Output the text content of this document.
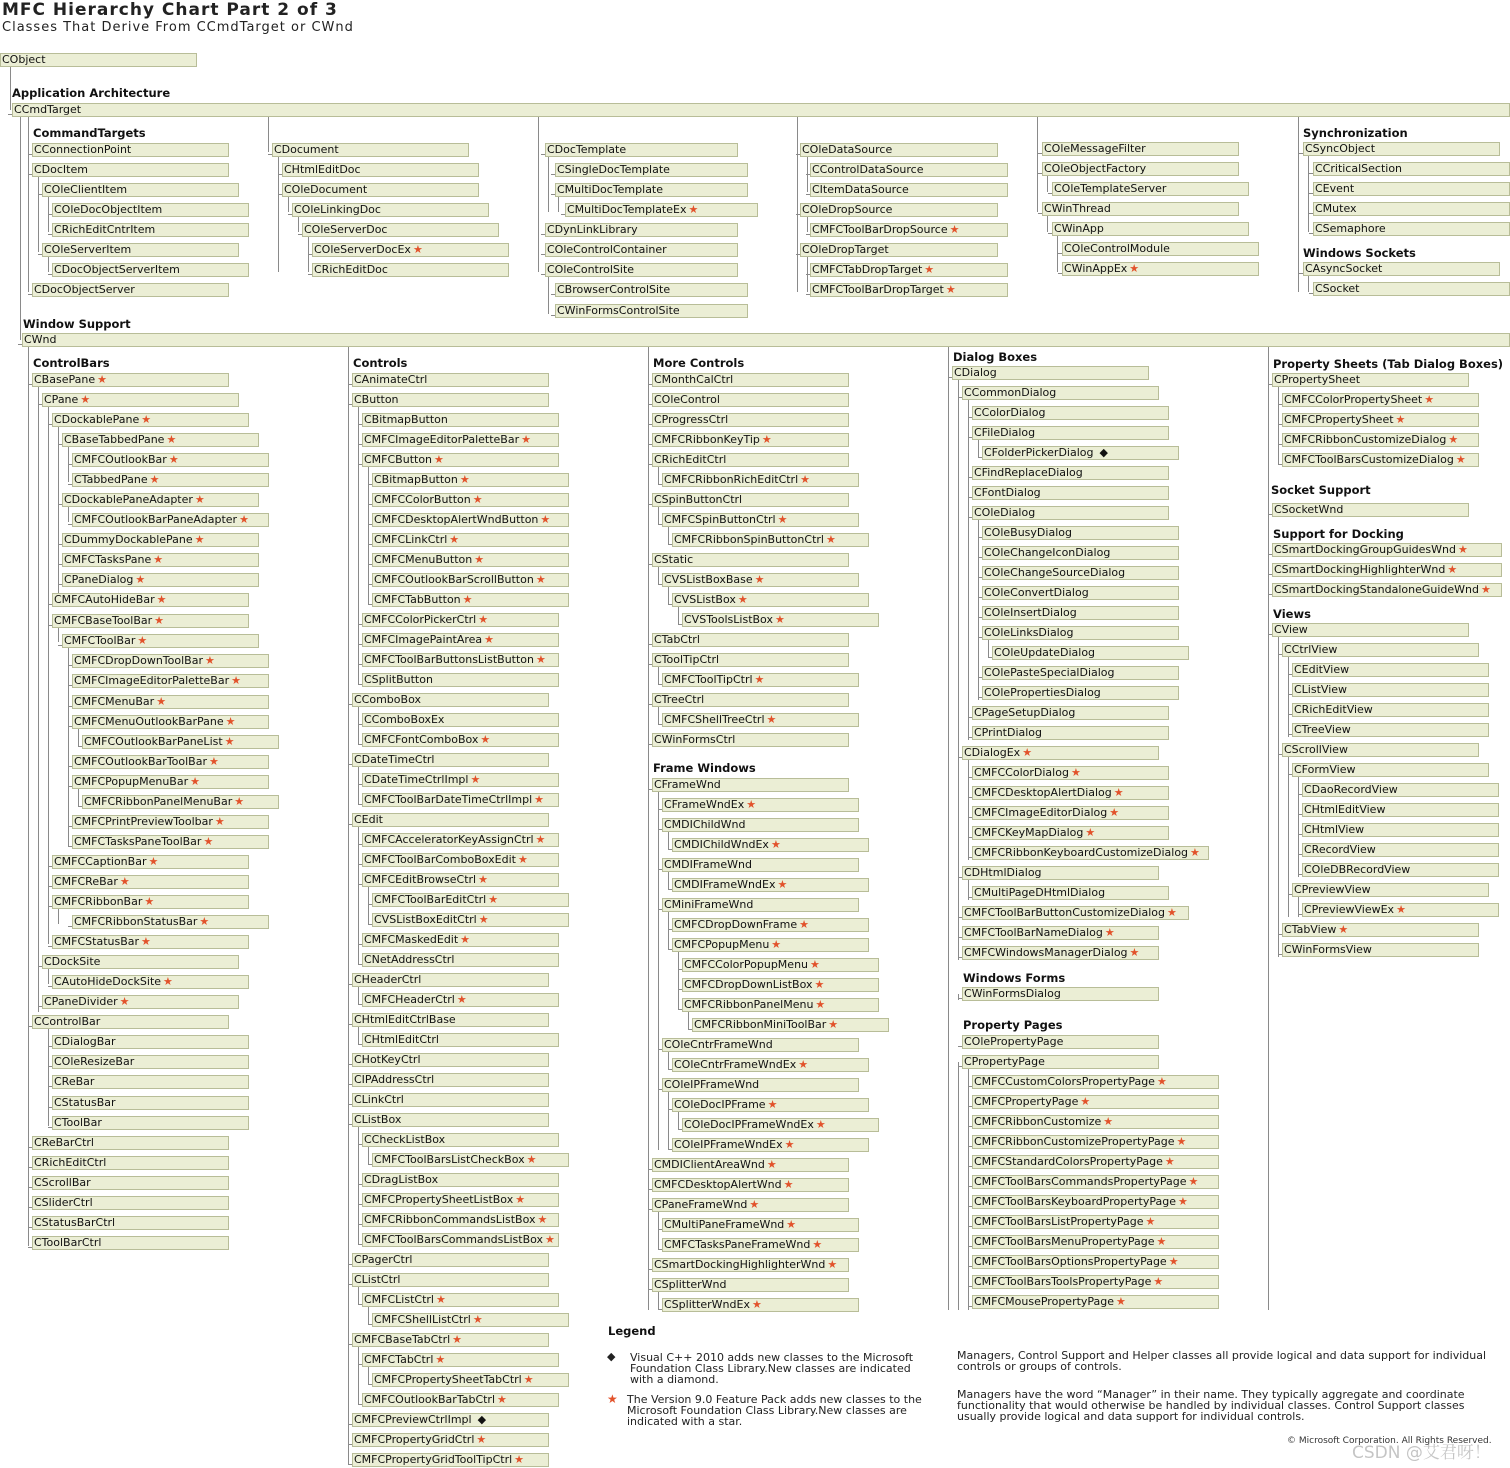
Application Architecture
CommandTargets	Synchronization
Windows Sockets
Window Support
ControlBars	Controls	More Controls	Dialog Boxes	Property Sheets (Tab Dialog Boxes)
Socket Support
Support for Docking
Views
Frame Windows
Windows Forms
Property Pages
CObject
CCmdTarget
CWnd
CConnectionPoint
CDocItem
COleClientItem
COleDocObjectItem
CRichEditCntrItem
COleServerItem
CDocObjectServerItem
CDocObjectServer
CDocument
CHtmlEditDoc
COleDocument
COleLinkingDoc
COleServerDoc
COleServerDocEx ★
CRichEditDoc
CDocTemplate
CSingleDocTemplate
CMultiDocTemplate
CMultiDocTemplateEx ★
CDynLinkLibrary
COleControlContainer
COleControlSite
CBrowserControlSite
CWinFormsControlSite
COleDataSource
CControlDataSource
CItemDataSource
COleDropSource
CMFCToolBarDropSource ★
COleDropTarget
CMFCTabDropTarget ★
CMFCToolBarDropTarget ★
COleMessageFilter
COleObjectFactory
COleTemplateServer
CWinThread
CWinApp
COleControlModule
CWinAppEx ★
CSyncObject
CCriticalSection
CEvent
CMutex
CSemaphore
CAsyncSocket
CSocket
CBasePane ★
CPane ★
CDockablePane ★
CBaseTabbedPane ★
CMFCOutlookBar ★
CTabbedPane ★
CDockablePaneAdapter ★
CMFCOutlookBarPaneAdapter ★
CDummyDockablePane ★
CMFCTasksPane ★
CPaneDialog ★
CMFCAutoHideBar ★
CMFCBaseToolBar ★
CMFCToolBar ★
CMFCDropDownToolBar ★
CMFCImageEditorPaletteBar ★
CMFCMenuBar ★
CMFCMenuOutlookBarPane ★
CMFCOutlookBarPaneList ★
CMFCOutlookBarToolBar ★
CMFCPopupMenuBar ★
CMFCRibbonPanelMenuBar ★
CMFCPrintPreviewToolbar ★
CMFCTasksPaneToolBar ★
CMFCCaptionBar ★
CMFCReBar ★
CMFCRibbonBar ★
CMFCRibbonStatusBar ★
CMFCStatusBar ★
CDockSite
CAutoHideDockSite ★
CPaneDivider ★
CControlBar
CDialogBar
COleResizeBar
CReBar
CStatusBar
CToolBar
CReBarCtrl
CRichEditCtrl
CScrollBar
CSliderCtrl
CStatusBarCtrl
CToolBarCtrl
CAnimateCtrl
CButton
CBitmapButton
CMFCImageEditorPaletteBar ★
CMFCButton ★
CBitmapButton ★
CMFCColorButton ★
CMFCDesktopAlertWndButton ★
CMFCLinkCtrl ★
CMFCMenuButton ★
CMFCOutlookBarScrollButton ★
CMFCTabButton ★
CMFCColorPickerCtrl ★
CMFCImagePaintArea ★
CMFCToolBarButtonsListButton ★
CSplitButton
CComboBox
CComboBoxEx
CMFCFontComboBox ★
CDateTimeCtrl
CDateTimeCtrlImpl ★
CMFCToolBarDateTimeCtrlImpl ★
CEdit
CMFCAcceleratorKeyAssignCtrl ★
CMFCToolBarComboBoxEdit ★
CMFCEditBrowseCtrl ★
CMFCToolBarEditCtrl ★
CVSListBoxEditCtrl ★
CMFCMaskedEdit ★
CNetAddressCtrl
CHeaderCtrl
CMFCHeaderCtrl ★
CHtmlEditCtrlBase
CHtmlEditCtrl
CHotKeyCtrl
CIPAddressCtrl
CLinkCtrl
CListBox
CCheckListBox
CMFCToolBarsListCheckBox ★
CDragListBox
CMFCPropertySheetListBox ★
CMFCRibbonCommandsListBox ★
CMFCToolBarsCommandsListBox ★
CPagerCtrl
CListCtrl
CMFCListCtrl ★
CMFCShellListCtrl ★
CMFCBaseTabCtrl ★
CMFCTabCtrl ★
CMFCPropertySheetTabCtrl ★
CMFCOutlookBarTabCtrl ★
CMFCPreviewCtrlImpl ◆
CMFCPropertyGridCtrl ★
CMFCPropertyGridToolTipCtrl ★
CMonthCalCtrl
COleControl
CProgressCtrl
CMFCRibbonKeyTip ★
CRichEditCtrl
CMFCRibbonRichEditCtrl ★
CSpinButtonCtrl
CMFCSpinButtonCtrl ★
CMFCRibbonSpinButtonCtrl ★
CStatic
CVSListBoxBase ★
CVSListBox ★
CVSToolsListBox ★
CTabCtrl
CToolTipCtrl
CMFCToolTipCtrl ★
CTreeCtrl
CMFCShellTreeCtrl ★
CWinFormsCtrl
CFrameWnd
CFrameWndEx ★
CMDIChildWnd
CMDIChildWndEx ★
CMDIFrameWnd
CMDIFrameWndEx ★
CMiniFrameWnd
CMFCDropDownFrame ★
CMFCPopupMenu ★
CMFCColorPopupMenu ★
CMFCDropDownListBox ★
CMFCRibbonPanelMenu ★
CMFCRibbonMiniToolBar ★
COleCntrFrameWnd
COleCntrFrameWndEx ★
COleIPFrameWnd
COleDocIPFrame ★
COleDocIPFrameWndEx ★
COleIPFrameWndEx ★
CMDIClientAreaWnd ★
CMFCDesktopAlertWnd ★
CPaneFrameWnd ★
CMultiPaneFrameWnd ★
CMFCTasksPaneFrameWnd ★
CSmartDockingHighlighterWnd ★
CSplitterWnd
CSplitterWndEx ★
CDialog
CCommonDialog
CColorDialog
CFileDialog
CFolderPickerDialog ◆
CFindReplaceDialog
CFontDialog
COleDialog
COleBusyDialog
COleChangeIconDialog
COleChangeSourceDialog
COleConvertDialog
COleInsertDialog
COleLinksDialog
COleUpdateDialog
COlePasteSpecialDialog
COlePropertiesDialog
CPageSetupDialog
CPrintDialog
CDialogEx ★
CMFCColorDialog ★
CMFCDesktopAlertDialog ★
CMFCImageEditorDialog ★
CMFCKeyMapDialog ★
CMFCRibbonKeyboardCustomizeDialog ★
CDHtmlDialog
CMultiPageDHtmlDialog
CMFCToolBarButtonCustomizeDialog ★
CMFCToolBarNameDialog ★
CMFCWindowsManagerDialog ★
CWinFormsDialog
COlePropertyPage
CPropertyPage
CMFCCustomColorsPropertyPage ★
CMFCPropertyPage ★
CMFCRibbonCustomize ★
CMFCRibbonCustomizePropertyPage ★
CMFCStandardColorsPropertyPage ★
CMFCToolBarsCommandsPropertyPage ★
CMFCToolBarsKeyboardPropertyPage ★
CMFCToolBarsListPropertyPage ★
CMFCToolBarsMenuPropertyPage ★
CMFCToolBarsOptionsPropertyPage ★
CMFCToolBarsToolsPropertyPage ★
CMFCMousePropertyPage ★
CPropertySheet
CMFCColorPropertySheet ★
CMFCPropertySheet ★
CMFCRibbonCustomizeDialog ★
CMFCToolBarsCustomizeDialog ★
CSocketWnd
CSmartDockingGroupGuidesWnd ★
CSmartDockingHighlighterWnd ★
CSmartDockingStandaloneGuideWnd ★
CView
CCtrlView
CEditView
CListView
CRichEditView
CTreeView
CScrollView
CFormView
CDaoRecordView
CHtmlEditView
CHtmlView
CRecordView
COleDBRecordView
CPreviewView
CPreviewViewEx ★
CTabView ★
CWinFormsView
MFC Hierarchy Chart Part 2 of 3
Classes That Derive From CCmdTarget or CWnd
Legend
◆ Visual C++ 2010 adds new classes to the Microsoft Foundation Class Library.New classes are indicated with a diamond.
★ The Version 9.0 Feature Pack adds new classes to the Microsoft Foundation Class Library.New classes are indicated with a star.
Managers, Control Support and Helper classes all provide logical and data support for individual controls or groups of controls.
Managers have the word “Manager” in their name. They typically aggregate and coordinate functionality that would otherwise be handled by individual classes. Control Support classes usually provide logical and data support for individual controls.
© Microsoft Corporation. All Rights Reserved.
CSDN @艾君呀！
